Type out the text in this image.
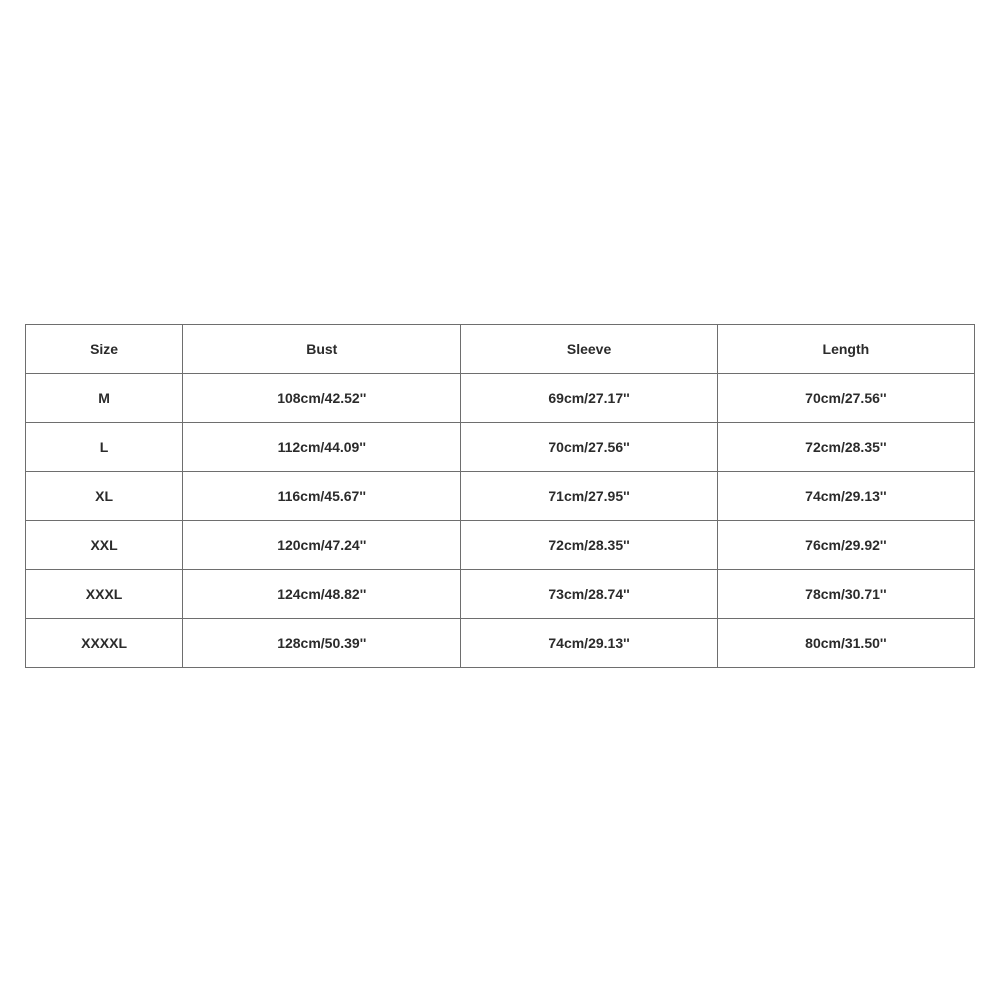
Size	Bust	Sleeve	Length
M	108cm/42.52''	69cm/27.17''	70cm/27.56''
L	112cm/44.09''	70cm/27.56''	72cm/28.35''
XL	116cm/45.67''	71cm/27.95''	74cm/29.13''
XXL	120cm/47.24''	72cm/28.35''	76cm/29.92''
XXXL	124cm/48.82''	73cm/28.74''	78cm/30.71''
XXXXL	128cm/50.39''	74cm/29.13''	80cm/31.50''
